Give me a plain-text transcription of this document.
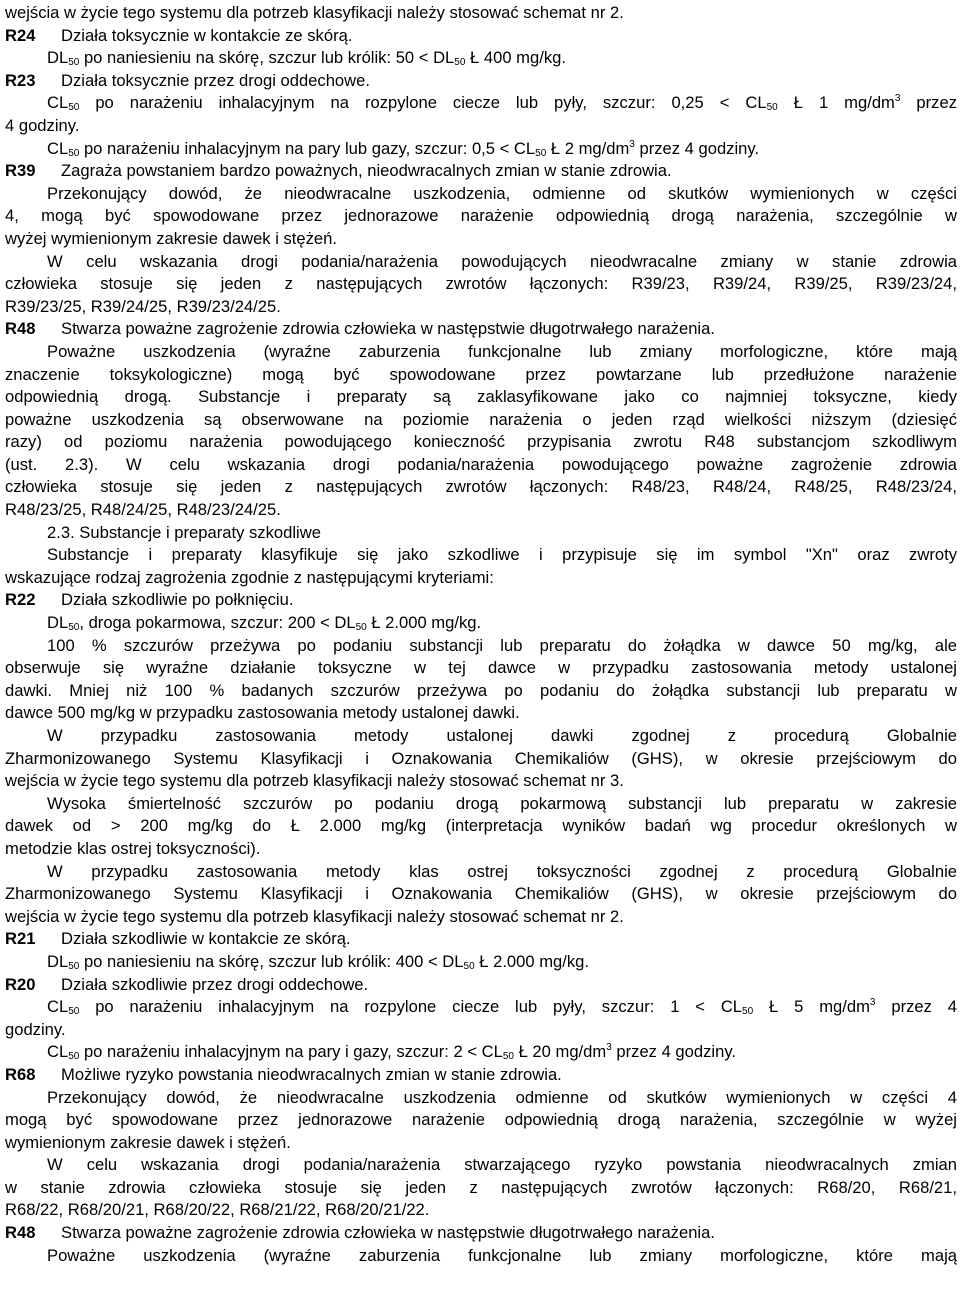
wejścia w życie tego systemu dla potrzeb klasyfikacji należy stosować schemat nr 2.
R24 Działa toksycznie w kontakcie ze skórą.
$DL_{50}$ po naniesieniu na skórę, szczur lub królik: $50 < DL_{50}$ Ł 400 mg/kg.
R23 Działa toksycznie przez drogi oddechowe.
$CL_{50}$ po narażeniu inhalacyjnym na rozpylone ciecze lub pyły, szczur: $0,25 < CL_{50}$ Ł 1 $mg/dm^3$ przez
4 godziny.
$CL_{50}$ po narażeniu inhalacyjnym na pary lub gazy, szczur: $0,5 < CL_{50}$ Ł 2 $mg/dm^3$ przez 4 godziny.
R39 Zagraża powstaniem bardzo poważnych, nieodwracalnych zmian w stanie zdrowia.
Przekonujący dowód, że nieodwracalne uszkodzenia, odmienne od skutków wymienionych w części
4, mogą być spowodowane przez jednorazowe narażenie odpowiednią drogą narażenia, szczególnie w
wyżej wymienionym zakresie dawek i stężeń.
W celu wskazania drogi podania/narażenia powodujących nieodwracalne zmiany w stanie zdrowia
człowieka stosuje się jeden z następujących zwrotów łączonych: R39/23, R39/24, R39/25, R39/23/24,
R39/23/25, R39/24/25, R39/23/24/25.
R48 Stwarza poważne zagrożenie zdrowia człowieka w następstwie długotrwałego narażenia.
Poważne uszkodzenia (wyraźne zaburzenia funkcjonalne lub zmiany morfologiczne, które mają
znaczenie toksykologiczne) mogą być spowodowane przez powtarzane lub przedłużone narażenie
odpowiednią drogą. Substancje i preparaty są zaklasyfikowane jako co najmniej toksyczne, kiedy
poważne uszkodzenia są obserwowane na poziomie narażenia o jeden rząd wielkości niższym (dziesięć
razy) od poziomu narażenia powodującego konieczność przypisania zwrotu R48 substancjom szkodliwym
(ust. 2.3). W celu wskazania drogi podania/narażenia powodującego poważne zagrożenie zdrowia
człowieka stosuje się jeden z następujących zwrotów łączonych: R48/23, R48/24, R48/25, R48/23/24,
R48/23/25, R48/24/25, R48/23/24/25.
2.3. Substancje i preparaty szkodliwe
Substancje i preparaty klasyfikuje się jako szkodliwe i przypisuje się im symbol "Xn" oraz zwroty
wskazujące rodzaj zagrożenia zgodnie z następującymi kryteriami:
R22 Działa szkodliwie po połknięciu.
$DL_{50}$, droga pokarmowa, szczur: $200 < DL_{50}$ Ł 2.000 mg/kg.
100 % szczurów przeżywa po podaniu substancji lub preparatu do żołądka w dawce 50 mg/kg, ale
obserwuje się wyraźne działanie toksyczne w tej dawce w przypadku zastosowania metody ustalonej
dawki. Mniej niż 100 % badanych szczurów przeżywa po podaniu do żołądka substancji lub preparatu w
dawce 500 mg/kg w przypadku zastosowania metody ustalonej dawki.
W przypadku zastosowania metody ustalonej dawki zgodnej z procedurą Globalnie
Zharmonizowanego Systemu Klasyfikacji i Oznakowania Chemikaliów (GHS), w okresie przejściowym do
wejścia w życie tego systemu dla potrzeb klasyfikacji należy stosować schemat nr 3.
Wysoka śmiertelność szczurów po podaniu drogą pokarmową substancji lub preparatu w zakresie
dawek od > 200 mg/kg do Ł 2.000 mg/kg (interpretacja wyników badań wg procedur określonych w
metodzie klas ostrej toksyczności).
W przypadku zastosowania metody klas ostrej toksyczności zgodnej z procedurą Globalnie
Zharmonizowanego Systemu Klasyfikacji i Oznakowania Chemikaliów (GHS), w okresie przejściowym do
wejścia w życie tego systemu dla potrzeb klasyfikacji należy stosować schemat nr 2.
R21 Działa szkodliwie w kontakcie ze skórą.
$DL_{50}$ po naniesieniu na skórę, szczur lub królik: $400 < DL_{50}$ Ł 2.000 mg/kg.
R20 Działa szkodliwie przez drogi oddechowe.
$CL_{50}$ po narażeniu inhalacyjnym na rozpylone ciecze lub pyły, szczur: $1 < CL_{50}$ Ł 5 $mg/dm^3$ przez 4
godziny.
$CL_{50}$ po narażeniu inhalacyjnym na pary i gazy, szczur: $2 < CL_{50}$ Ł 20 $mg/dm^3$ przez 4 godziny.
R68 Możliwe ryzyko powstania nieodwracalnych zmian w stanie zdrowia.
Przekonujący dowód, że nieodwracalne uszkodzenia odmienne od skutków wymienionych w części 4
mogą być spowodowane przez jednorazowe narażenie odpowiednią drogą narażenia, szczególnie w wyżej
wymienionym zakresie dawek i stężeń.
W celu wskazania drogi podania/narażenia stwarzającego ryzyko powstania nieodwracalnych zmian
w stanie zdrowia człowieka stosuje się jeden z następujących zwrotów łączonych: R68/20, R68/21,
R68/22, R68/20/21, R68/20/22, R68/21/22, R68/20/21/22.
R48 Stwarza poważne zagrożenie zdrowia człowieka w następstwie długotrwałego narażenia.
Poważne uszkodzenia (wyraźne zaburzenia funkcjonalne lub zmiany morfologiczne, które mają
